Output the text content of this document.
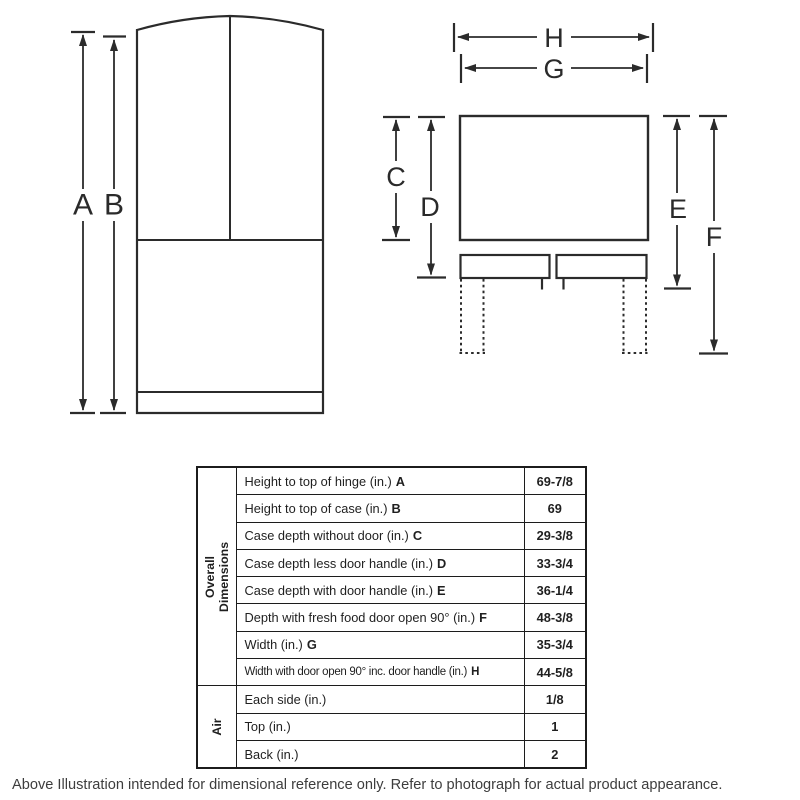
A B
H
G
C
D	E
F
Overall Dimensions	Height to top of hinge (in.) A	69-7/8
	Height to top of case (in.) B	69
	Case depth without door (in.) C	29-3/8
	Case depth less door handle (in.) D	33-3/4
	Case depth with door handle (in.) E	36-1/4
	Depth with fresh food door open 90° (in.) F	48-3/8
	Width (in.) G	35-3/4
	Width with door open 90° inc. door handle (in.) H	44-5/8

Air	Each side (in.)	1/8
	Top (in.)	1
	Back (in.)	2
Above Illustration intended for dimensional reference only. Refer to photograph for actual product appearance.
